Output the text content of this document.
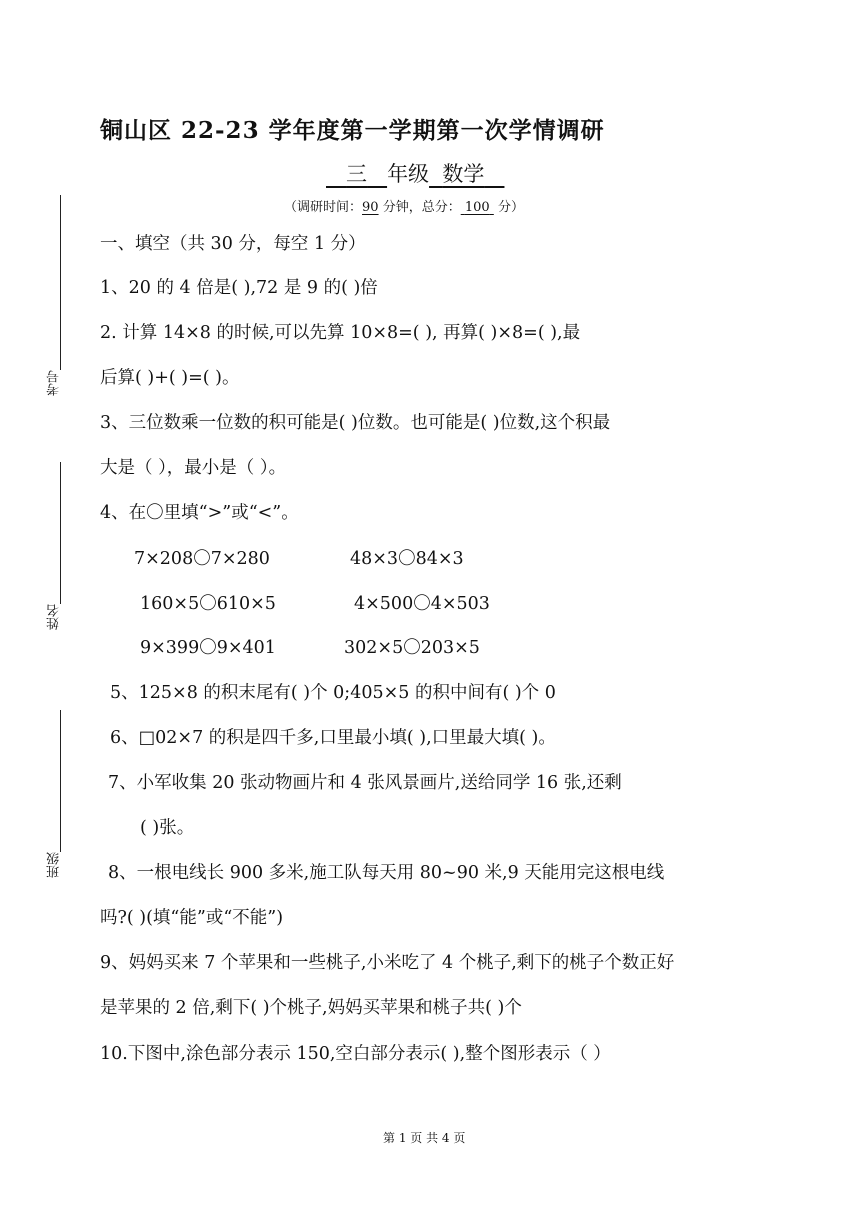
铜山区 22-23 学年度第一学期第一次学情调研
三 年级 数学
（调研时间：90 分钟，总分： 100  分）
考号
姓名
班级
一、填空（共 30 分，每空 1 分）
1、20 的 4 倍是( ),72 是 9 的( )倍
2. 计算 14×8 的时候,可以先算 10×8=( ), 再算( )×8=( ),最
后算( )+( )=( )。
3、三位数乘一位数的积可能是( )位数。也可能是( )位数,这个积最
大是（ ），最小是（ ）。
4、在〇里填“>”或“<”。
7×208〇7×280	48×3〇84×3
160×5〇610×5	4×500〇4×503
9×399〇9×401	302×5〇203×5
5、125×8 的积末尾有( )个 0;405×5 的积中间有( )个 0
6、□02×7 的积是四千多,口里最小填( ),口里最大填( )。
7、小军收集 20 张动物画片和 4 张风景画片,送给同学 16 张,还剩
( )张。
8、一根电线长 900 多米,施工队每天用 80~90 米,9 天能用完这根电线
吗?( )(填“能”或“不能”)
9、妈妈买来 7 个苹果和一些桃子,小米吃了 4 个桃子,剩下的桃子个数正好
是苹果的 2 倍,剩下( )个桃子,妈妈买苹果和桃子共( )个
10.下图中,涂色部分表示 150,空白部分表示( ),整个图形表示（ ）
第 1 页 共 4 页
